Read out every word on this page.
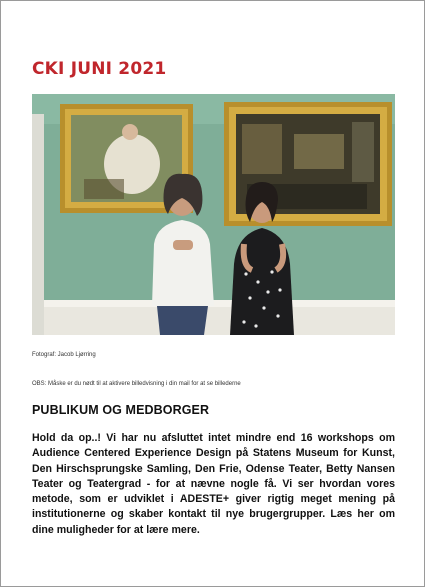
CKI JUNI 2021
Fotograf: Jacob Ljørring
OBS: Måske er du nødt til at aktivere billedvisning i din mail for at se billederne
PUBLIKUM OG MEDBORGER

Hold da op..! Vi har nu afsluttet intet mindre end 16 workshops om Audience Centered Experience Design på Statens Museum for Kunst, Den Hirschsprungske Samling, Den Frie, Odense Teater, Betty Nansen Teater og Teatergrad - for at nævne nogle få. Vi ser hvordan vores metode, som er udviklet i ADESTE+ giver rigtig meget mening på institutionerne og skaber kontakt til nye brugergrupper. Læs her om dine muligheder for at lære mere.
